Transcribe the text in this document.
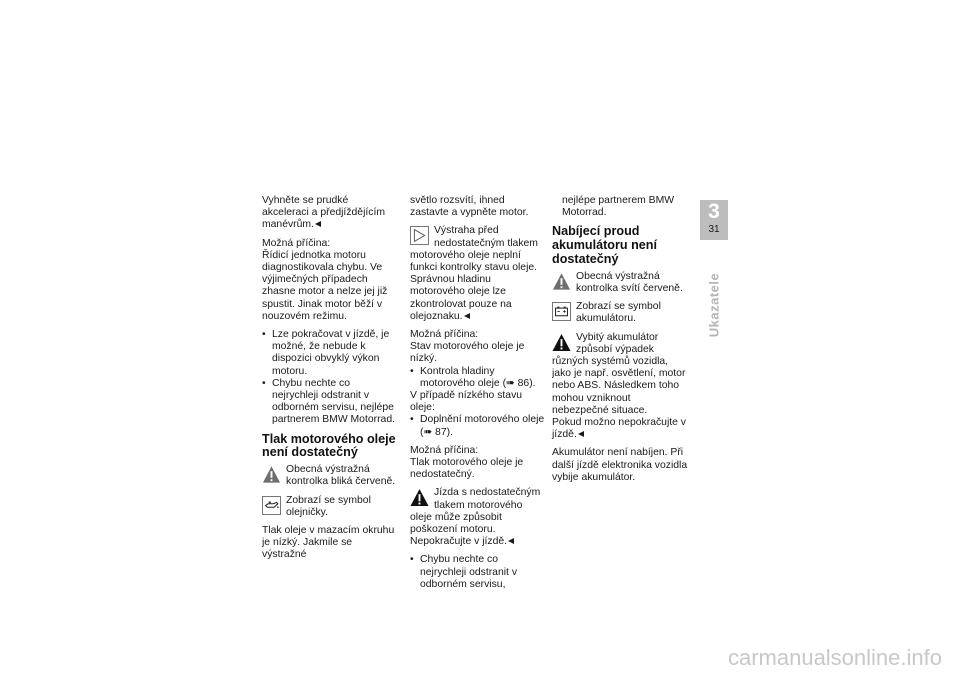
Vyhněte se prudké akceleraci a předjíždějícím manévrům.

Možná příčina:
Řídicí jednotka motoru diagnostikovala chybu. Ve výjimečných případech zhasne motor a nelze jej již spustit. Jinak motor běží v nouzovém režimu.

• Lze pokračovat v jízdě, je možné, že nebude k dispozici obvyklý výkon motoru.

• Chybu nechte co nejrychleji odstranit v odborném servisu, nejlépe partnerem BMW Motorrad.

Tlak motorového oleje není dostatečný
Obecná výstražná kontrolka bliká červeně.
Zobrazí se symbol olejničky.

Tlak oleje v mazacím okruhu je nízký. Jakmile se výstražné

světlo rozsvítí, ihned zastavte a vypněte motor.

Výstraha před nedostatečným tlakem motorového oleje neplní funkci kontrolky stavu oleje. Správnou hladinu motorového oleje lze zkontrolovat pouze na olejoznaku.

Možná příčina:

Stav motorového oleje je nízký.

• Kontrola hladiny motorového oleje (➠ 86).

V případě nízkého stavu oleje:

• Doplnění motorového oleje (➠ 87).

Možná příčina:
Tlak motorového oleje je nedostatečný.

Jízda s nedostatečným tlakem motorového oleje může způsobit poškození motoru. Nepokračujte v jízdě.

• Chybu nechte co nejrychleji odstranit v odborném servisu,

nejlépe partnerem BMW Motorrad.

Nabíjecí proud akumulátoru není dostatečný
Obecná výstražná kontrolka svítí červeně.
Zobrazí se symbol akumulátoru.
Vybitý akumulátor způsobí výpadek různých systémů vozidla, jako je např. osvětlení, motor nebo ABS. Následkem toho mohou vzniknout nebezpečné situace.

Pokud možno nepokračujte v jízdě.

Akumulátor není nabíjen. Při další jízdě elektronika vozidla vybije akumulátor.

3
31
Ukazatele
carmanualsonline.info
